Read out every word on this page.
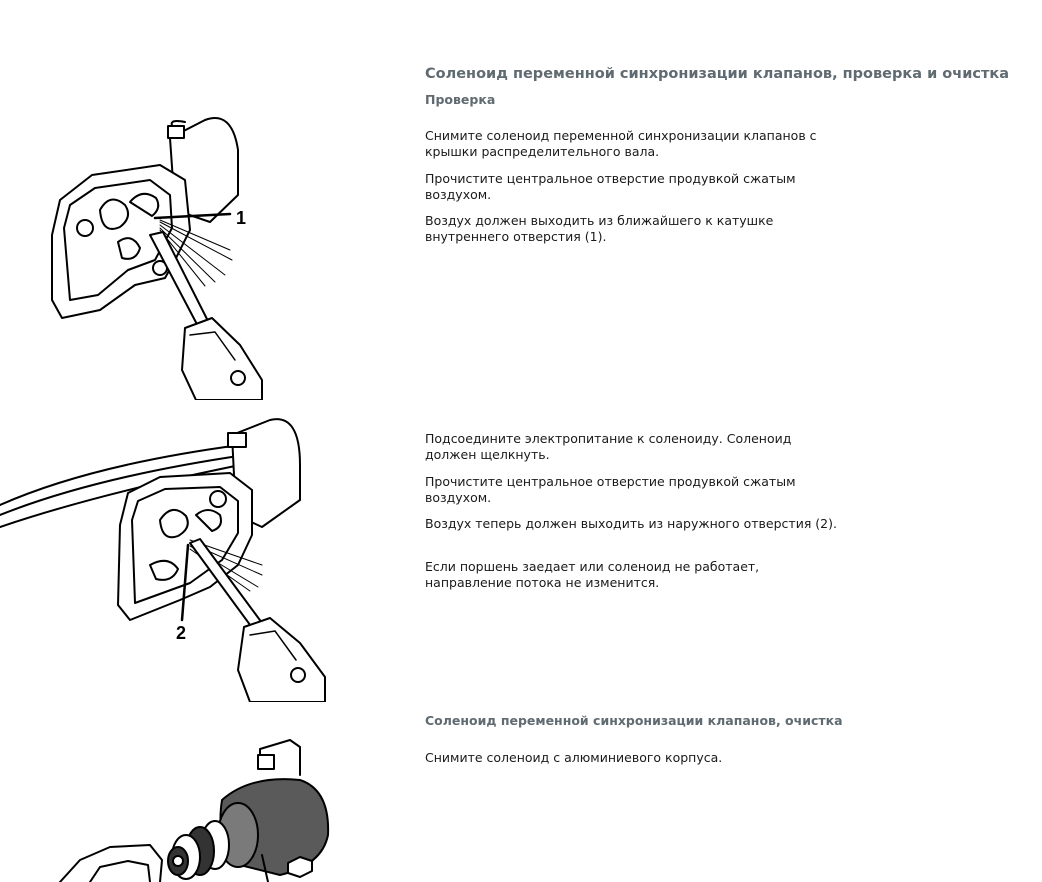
Соленоид переменной синхронизации клапанов, проверка и очистка
Проверка

Снимите соленоид переменной синхронизации клапанов с крышки распределительного вала.

Прочистите центральное отверстие продувкой сжатым воздухом.

Воздух должен выходить из ближайшего к катушке внутреннего отверстия (1).

1

Подсоедините электропитание к соленоиду. Соленоид должен щелкнуть.

Прочистите центральное отверстие продувкой сжатым воздухом.

Воздух теперь должен выходить из наружного отверстия (2).

Если поршень заедает или соленоид не работает, направление потока не изменится.

2
Соленоид переменной синхронизации клапанов, очистка

Снимите соленоид с алюминиевого корпуса.
